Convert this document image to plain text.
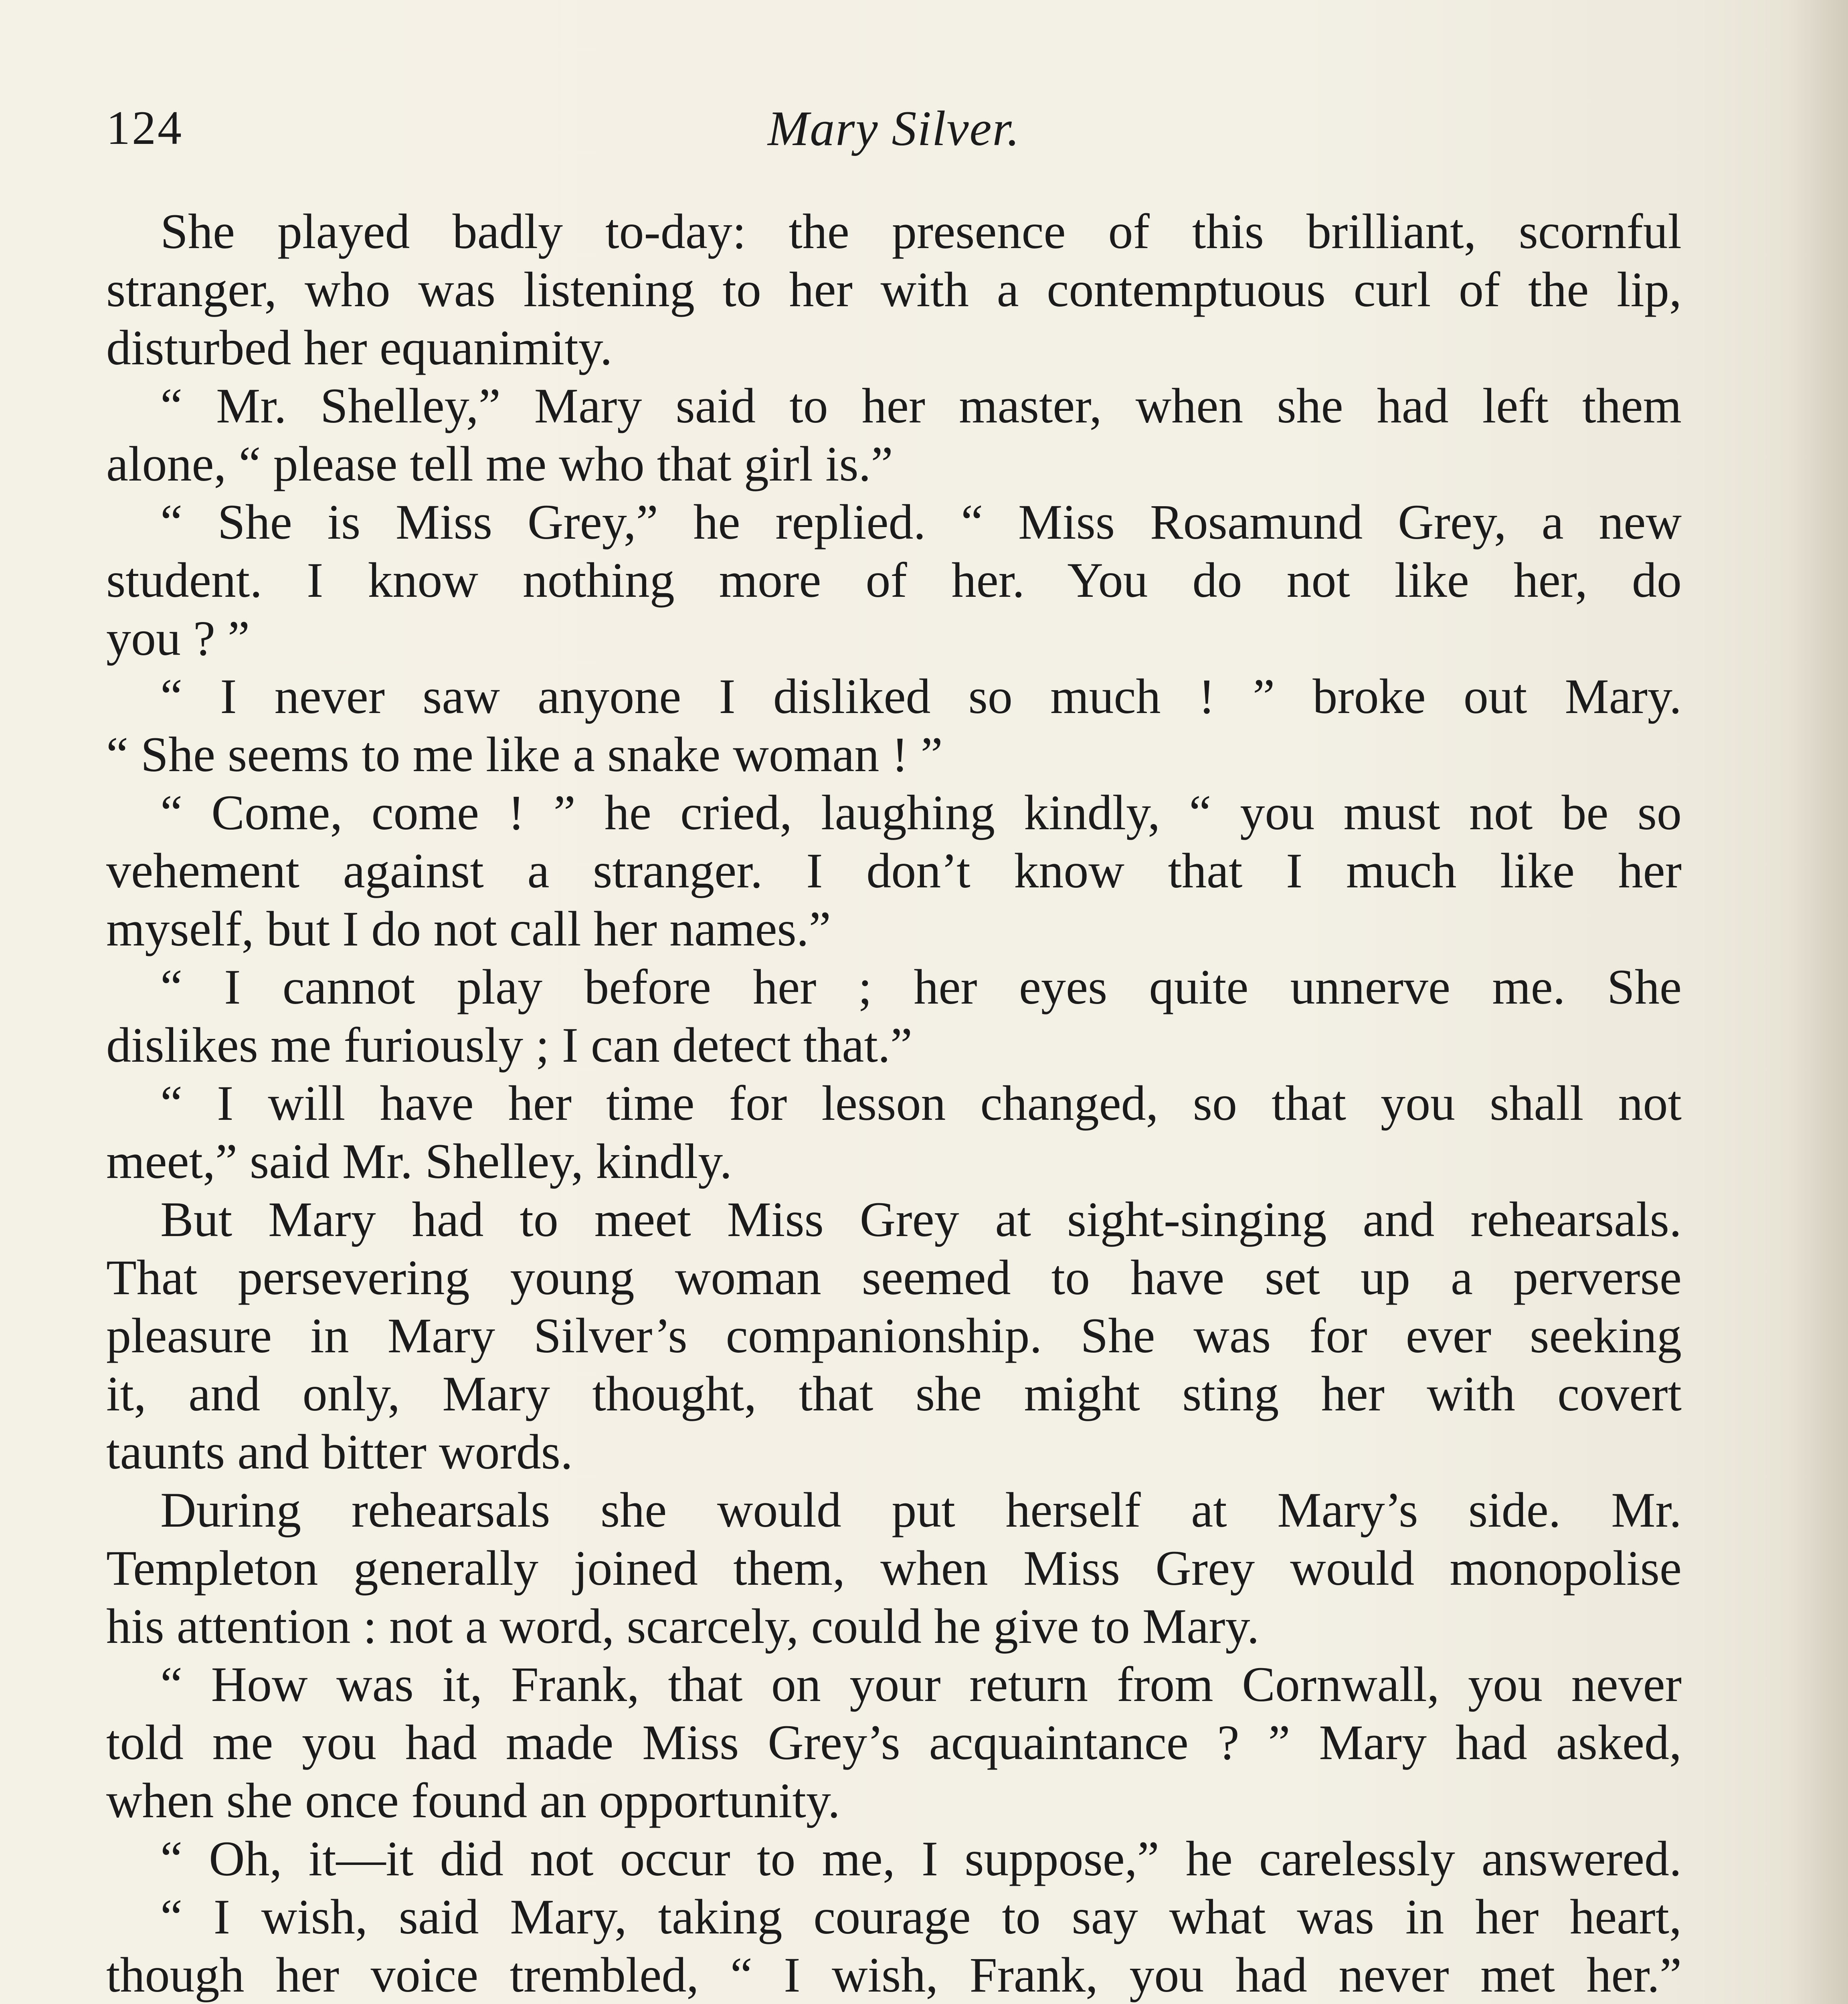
124	Mary Silver.
She played badly to-day: the presence of this brilliant, scornful
stranger, who was listening to her with a contemptuous curl of the lip,
disturbed her equanimity.
“ Mr. Shelley,” Mary said to her master, when she had left them
alone, “ please tell me who that girl is.”
“ She is Miss Grey,” he replied. “ Miss Rosamund Grey, a new
student. I know nothing more of her. You do not like her, do
you ? ”
“ I never saw anyone I disliked so much ! ” broke out Mary.
“ She seems to me like a snake woman ! ”
“ Come, come ! ” he cried, laughing kindly, “ you must not be so
vehement against a stranger. I don’t know that I much like her
myself, but I do not call her names.”
“ I cannot play before her ; her eyes quite unnerve me. She
dislikes me furiously ; I can detect that.”
“ I will have her time for lesson changed, so that you shall not
meet,” said Mr. Shelley, kindly.
But Mary had to meet Miss Grey at sight-singing and rehearsals.
That persevering young woman seemed to have set up a perverse
pleasure in Mary Silver’s companionship. She was for ever seeking
it, and only, Mary thought, that she might sting her with covert
taunts and bitter words.
During rehearsals she would put herself at Mary’s side. Mr.
Templeton generally joined them, when Miss Grey would monopolise
his attention : not a word, scarcely, could he give to Mary.
“ How was it, Frank, that on your return from Cornwall, you never
told me you had made Miss Grey’s acquaintance ? ” Mary had asked,
when she once found an opportunity.
“ Oh, it—it did not occur to me, I suppose,” he carelessly answered.
“ I wish, said Mary, taking courage to say what was in her heart,
though her voice trembled, “ I wish, Frank, you had never met her.”
